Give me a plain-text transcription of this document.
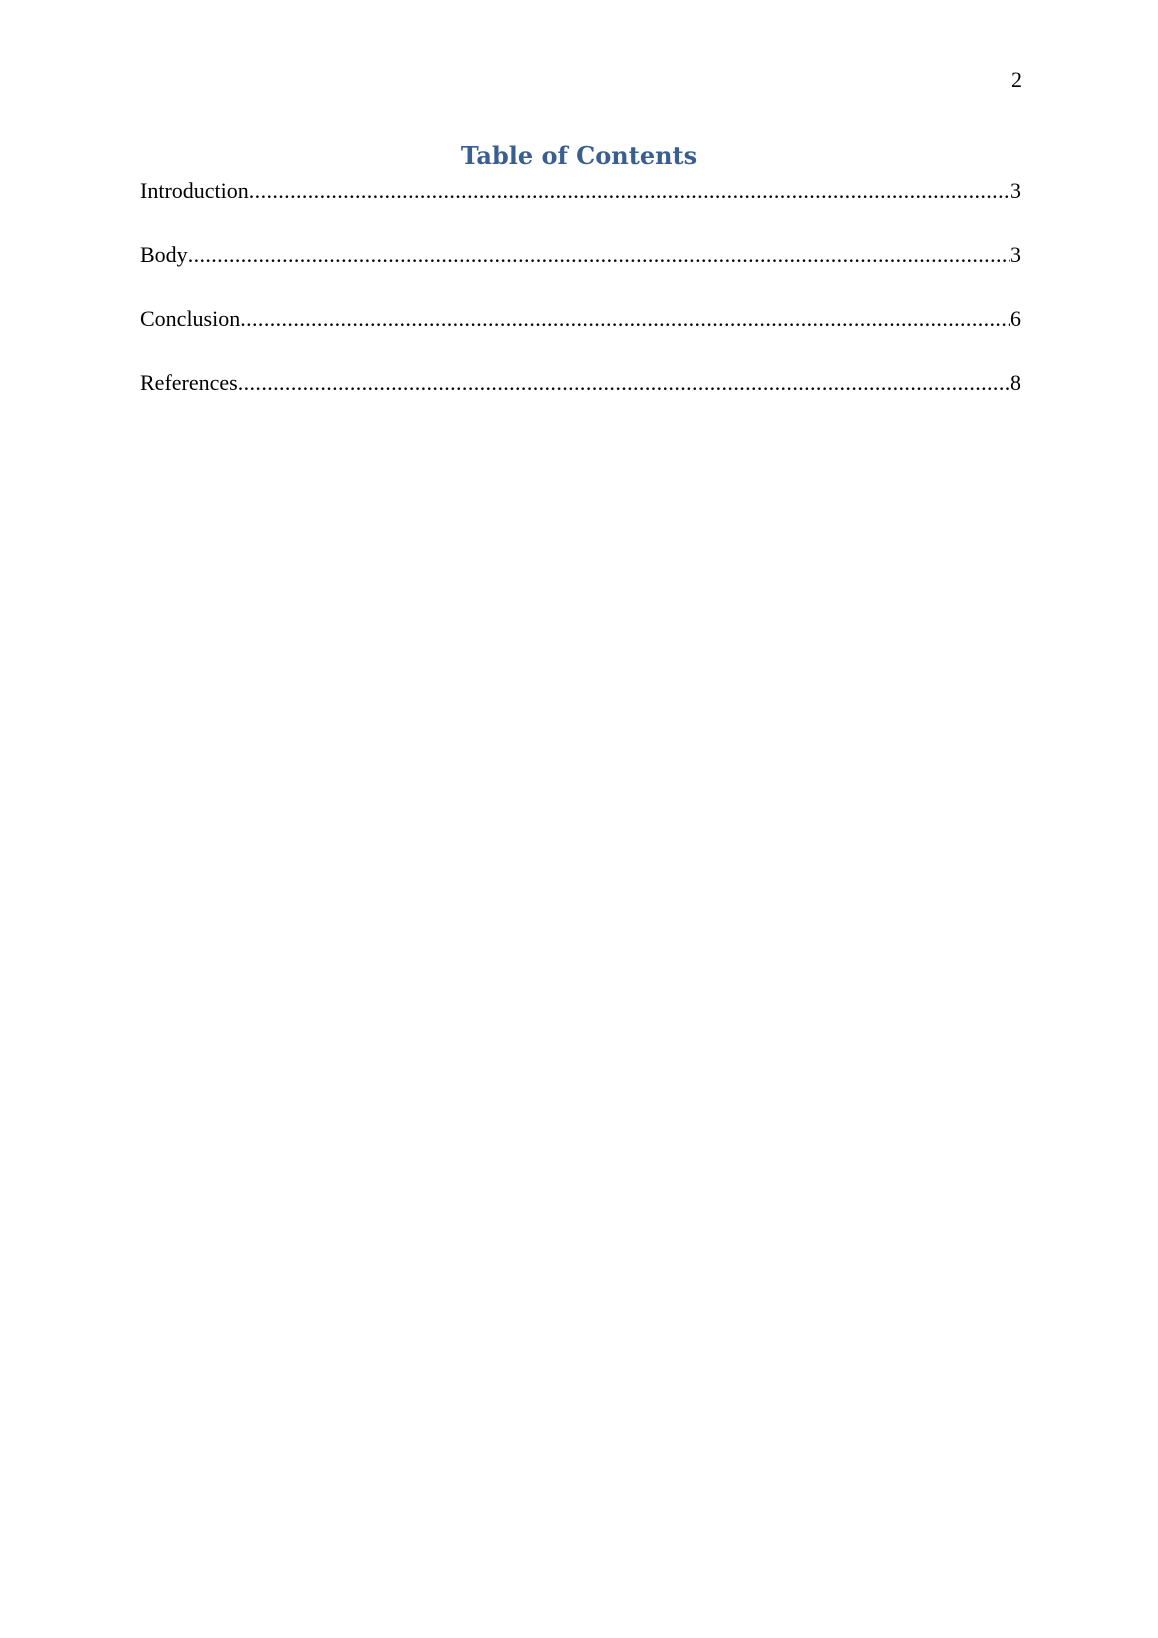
2
Table of Contents
Introduction .....	3
Body .....	3
Conclusion .....	6
References .....	8
